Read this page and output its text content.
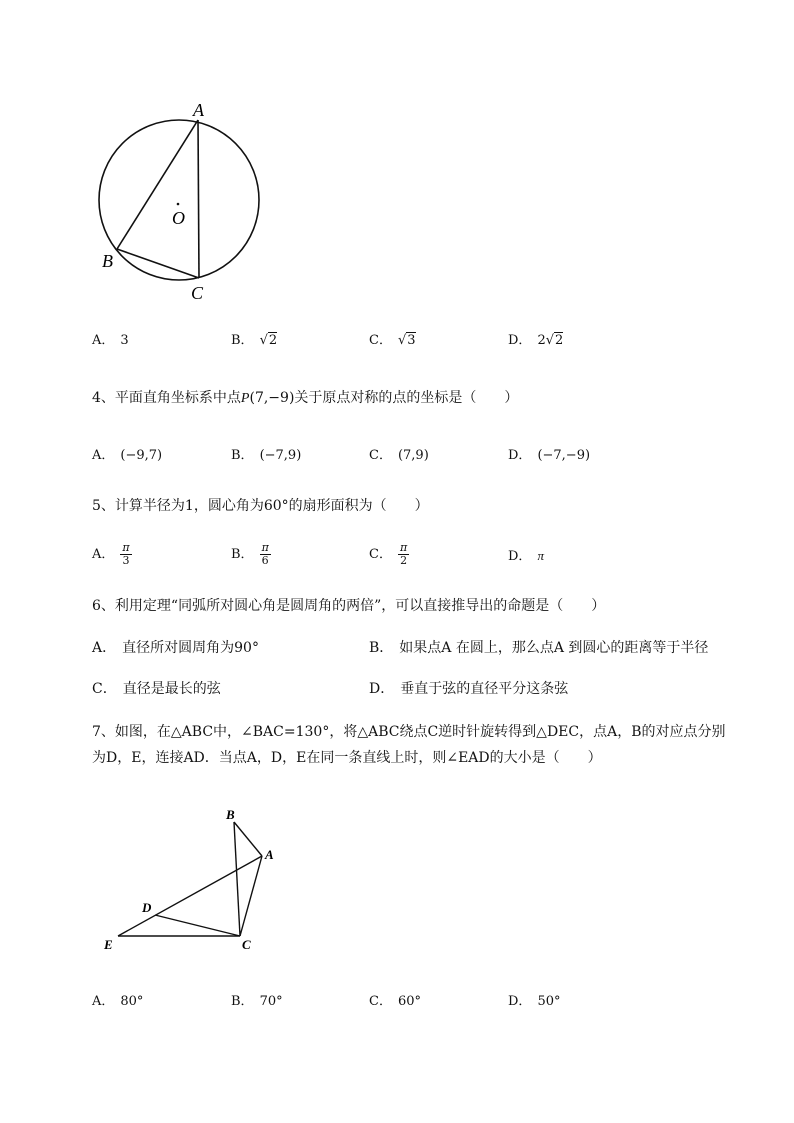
A
O
B
C
A． 3	B． √2	C． √3	D． 2√2
4、平面直角坐标系中点P(7,−9)关于原点对称的点的坐标是（　　）
A． (−9,7)	B． (−7,9)	C． (7,9)	D． (−7,−9)
5、计算半径为1，圆心角为60°的扇形面积为（　　）
A． $\frac{\pi}{3}$	B． $\frac{\pi}{6}$	C． $\frac{\pi}{2}$	D． π
6、利用定理“同弧所对圆心角是圆周角的两倍”，可以直接推导出的命题是（　　）
A． 直径所对圆周角为90°	B． 如果点A 在圆上，那么点A 到圆心的距离等于半径
C． 直径是最长的弦	D． 垂直于弦的直径平分这条弦
7、如图，在△ABC中，∠BAC=130°，将△ABC绕点C逆时针旋转得到△DEC，点A，B的对应点分别
为D，E，连接AD．当点A，D，E在同一条直线上时，则∠EAD的大小是（　　）
B
A
D
E	C
A． 80°	B． 70°	C． 60°	D． 50°
